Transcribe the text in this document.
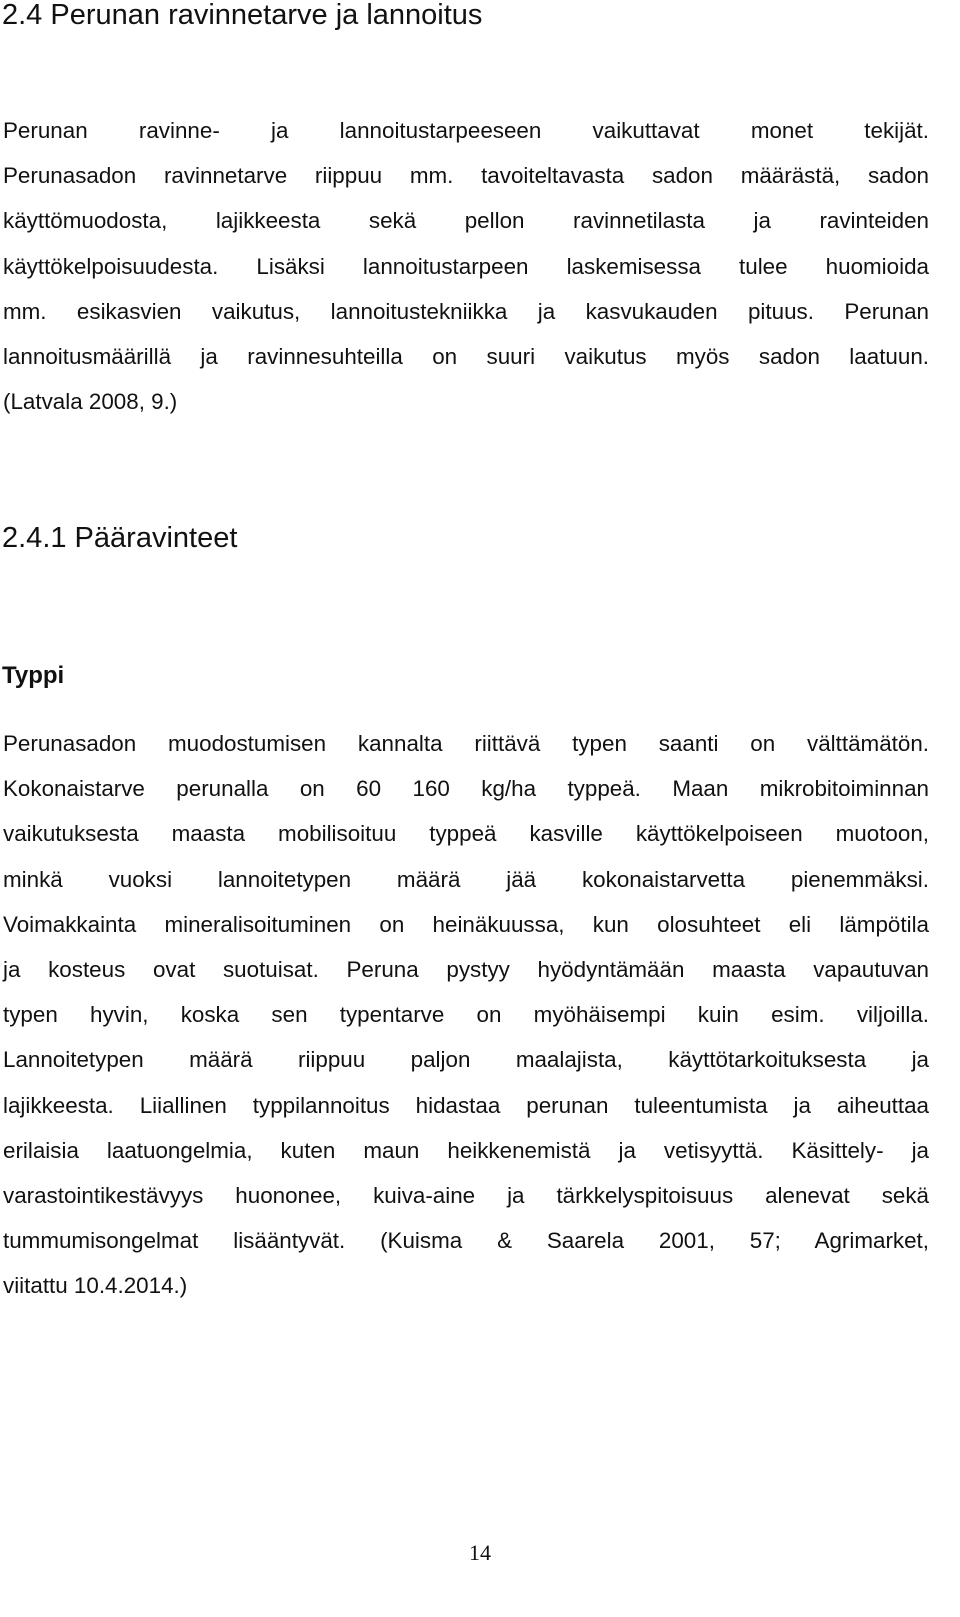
2.4 Perunan ravinnetarve ja lannoitus

Perunan ravinne- ja lannoitustarpeeseen vaikuttavat monet tekijät.
Perunasadon ravinnetarve riippuu mm. tavoiteltavasta sadon määrästä, sadon
käyttömuodosta, lajikkeesta sekä pellon ravinnetilasta ja ravinteiden
käyttökelpoisuudesta. Lisäksi lannoitustarpeen laskemisessa tulee huomioida
mm. esikasvien vaikutus, lannoitustekniikka ja kasvukauden pituus. Perunan
lannoitusmäärillä ja ravinnesuhteilla on suuri vaikutus myös sadon laatuun.
(Latvala 2008, 9.)

2.4.1 Pääravinteet
Typpi

Perunasadon muodostumisen kannalta riittävä typen saanti on välttämätön.
Kokonaistarve perunalla on 60 160 kg/ha typpeä. Maan mikrobitoiminnan
vaikutuksesta maasta mobilisoituu typpeä kasville käyttökelpoiseen muotoon,
minkä vuoksi lannoitetypen määrä jää kokonaistarvetta pienemmäksi.
Voimakkainta mineralisoituminen on heinäkuussa, kun olosuhteet eli lämpötila
ja kosteus ovat suotuisat. Peruna pystyy hyödyntämään maasta vapautuvan
typen hyvin, koska sen typentarve on myöhäisempi kuin esim. viljoilla.
Lannoitetypen määrä riippuu paljon maalajista, käyttötarkoituksesta ja
lajikkeesta. Liiallinen typpilannoitus hidastaa perunan tuleentumista ja aiheuttaa
erilaisia laatuongelmia, kuten maun heikkenemistä ja vetisyyttä. Käsittely- ja
varastointikestävyys huononee, kuiva-aine ja tärkkelyspitoisuus alenevat sekä
tummumisongelmat lisääntyvät. (Kuisma & Saarela 2001, 57; Agrimarket,
viitattu 10.4.2014.)

14
